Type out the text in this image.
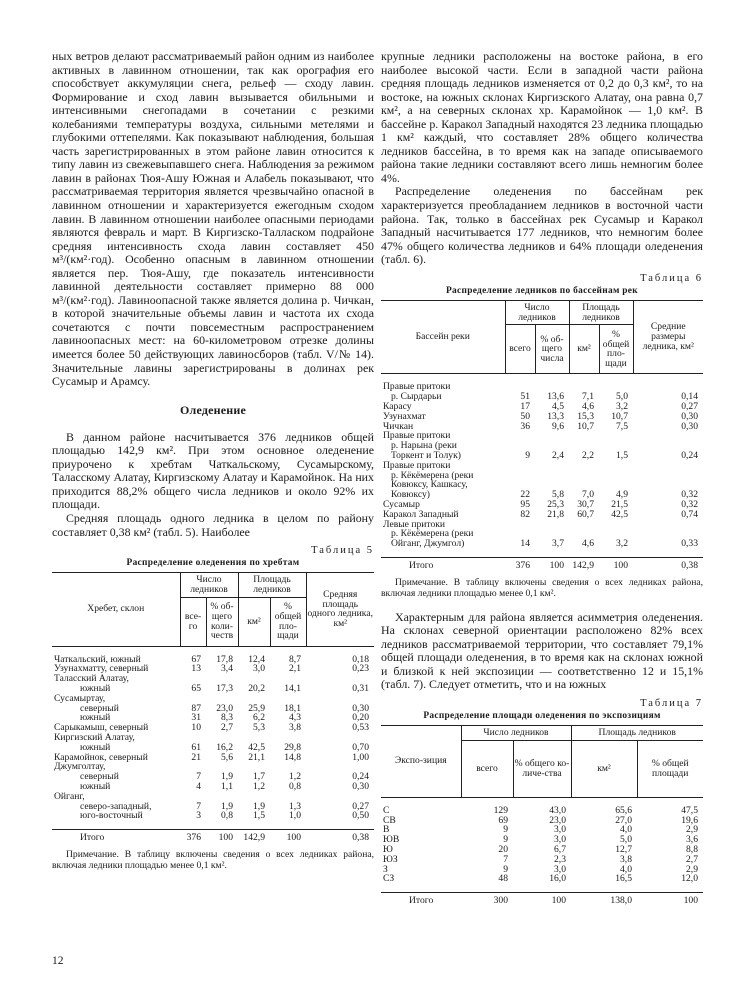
ных ветров делают рассматриваемый район одним из наиболее активных в лавинном отношении, так как орография его способствует аккумуляции снега, рельеф — сходу лавин. Формирование и сход лавин вызывается обильными и интенсивными снегопадами в сочетании с резкими колебаниями температуры воздуха, сильными метелями и глубокими оттепелями. Как показывают наблюдения, большая часть зарегистрированных в этом районе лавин относится к типу лавин из свежевыпавшего снега. Наблюдения за режимом лавин в районах Тюя-Ашу Южная и Алабель показывают, что рассматриваемая территория является чрезвычайно опасной в лавинном отношении и характеризуется ежегодным сходом лавин. В лавинном отношении наиболее опасными периодами являются февраль и март. В Киргизско-Талласком подрайоне средняя интенсивность схода лавин составляет 450 м³/(км²·год). Особенно опасным в лавинном отношении является пер. Тюя-Ашу, где показатель интенсивности лавинной деятельности составляет примерно 88 000 м³/(км²·год). Лавиноопасной также является долина р. Чичкан, в которой значительные объемы лавин и частота их схода сочетаются с почти повсеместным распространением лавиноопасных мест: на 60-километровом отрезке долины имеется более 50 действующих лавиносборов (табл. V/№ 14). Значительные лавины зарегистрированы в долинах рек Сусамыр и Арамсу.

Оледенение

В данном районе насчитывается 376 ледников общей площадью 142,9 км². При этом основное оледенение приурочено к хребтам Чаткальскому, Сусамырскому, Таласскому Алатау, Киргизскому Алатау и Карамойнок. На них приходится 88,2% общего числа ледников и около 92% их площади.

Средняя площадь одного ледника в целом по району составляет 0,38 км² (табл. 5). Наиболее

Таблица 5
Распределение оледенения по хребтам
Хребет, склон	Число ледников		Площадь ледников		Средняя площадь одного ледника, км²
	все-го	% об-щего коли-честв	км²	% общей пло-щади	

Чаткальский, южный	67	17,8	12,4	8,7	0,18
Узунахматту, северный	13	3,4	3,0	2,1	0,23
Таласский Алатау,					
южный	65	17,3	20,2	14,1	0,31
Сусамыртау,					
северный	87	23,0	25,9	18,1	0,30
южный	31	8,3	6,2	4,3	0,20
Сарыкамыш, северный	10	2,7	5,3	3,8	0,53
Киргизский Алатау,					
южный	61	16,2	42,5	29,8	0,70
Карамойнок, северный	21	5,6	21,1	14,8	1,00
Джумголтау,					
северный	7	1,9	1,7	1,2	0,24
южный	4	1,1	1,2	0,8	0,30
Ойганг,					
северо-западный,	7	1,9	1,9	1,3	0,27
юго-восточный	3	0,8	1,5	1,0	0,50

Итого	376	100	142,9	100	0,38

Примечание. В таблицу включены сведения о всех ледниках района, включая ледники площадью менее 0,1 км².

крупные ледники расположены на востоке района, в его наиболее высокой части. Если в западной части района средняя площадь ледников изменяется от 0,2 до 0,3 км², то на востоке, на южных склонах Киргизского Алатау, она равна 0,7 км², а на северных склонах хр. Карамойнок — 1,0 км². В бассейне р. Каракол Западный находятся 23 ледника площадью 1 км² каждый, что составляет 28% общего количества ледников бассейна, в то время как на западе описываемого района такие ледники составляют всего лишь немногим более 4%.

Распределение оледенения по бассейнам рек характеризуется преобладанием ледников в восточной части района. Так, только в бассейнах рек Сусамыр и Каракол Западный насчитывается 177 ледников, что немногим более 47% общего количества ледников и 64% площади оледенения (табл. 6).

Таблица 6
Распределение ледников по бассейнам рек
Бассейн реки	Число ледников		Площадь ледников		Средние размеры ледника, км²
	всего	% об-щего числа	км²	% общей пло-щади	

Правые притоки					
р. Сырдарьи	51	13,6	7,1	5,0	0,14
Карасу	17	4,5	4,6	3,2	0,27
Узунахмат	50	13,3	15,3	10,7	0,30
Чичкан	36	9,6	10,7	7,5	0,30
Правые притоки					
р. Нарына (реки					
Торкент и Толук)	9	2,4	2,2	1,5	0,24
Правые притоки					
р. Кёкёмерена (реки					
Ковюксу, Кашкасу,					
Ковюксу)	22	5,8	7,0	4,9	0,32
Сусамыр	95	25,3	30,7	21,5	0,32
Каракол Западный	82	21,8	60,7	42,5	0,74
Левые притоки					
р. Кёкёмерена (реки					
Ойганг, Джумгол)	14	3,7	4,6	3,2	0,33

Итого	376	100	142,9	100	0,38

Примечание. В таблицу включены сведения о всех ледниках района, включая ледники площадью менее 0,1 км².

Характерным для района является асимметрия оледенения. На склонах северной ориентации расположено 82% всех ледников рассматриваемой территории, что составляет 79,1% общей площади оледенения, в то время как на склонах южной и близкой к ней экспозиции — соответственно 12 и 15,1% (табл. 7). Следует отметить, что и на южных

Таблица 7
Распределение площади оледенения по экспозициям
Экспо-зиция	Число ледников		Площадь ледников	
	всего	% общего ко-личе-ства	км²	% общей площади

С	129	43,0	65,6	47,5
СВ	69	23,0	27,0	19,6
В	9	3,0	4,0	2,9
ЮВ	9	3,0	5,0	3,6
Ю	20	6,7	12,7	8,8
ЮЗ	7	2,3	3,8	2,7
З	9	3,0	4,0	2,9
СЗ	48	16,0	16,5	12,0

Итого	300	100	138,0	100
12
